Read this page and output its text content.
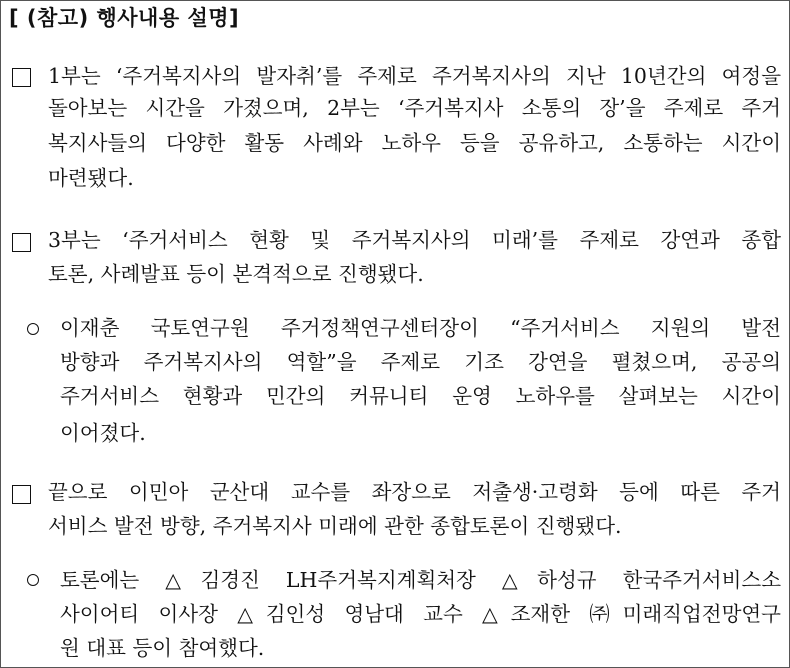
[ (참고) 행사내용 설명]
1부는 ‘주거복지사의 발자취’를 주제로 주거복지사의 지난 10년간의 여정을
돌아보는 시간을 가졌으며, 2부는 ‘주거복지사 소통의 장’을 주제로 주거
복지사들의 다양한 활동 사례와 노하우 등을 공유하고, 소통하는 시간이
마련됐다.
3부는 ‘주거서비스 현황 및 주거복지사의 미래’를 주제로 강연과 종합
토론, 사례발표 등이 본격적으로 진행됐다.
이재춘 국토연구원 주거정책연구센터장이 “주거서비스 지원의 발전
방향과 주거복지사의 역할”을 주제로 기조 강연을 펼쳤으며, 공공의
주거서비스 현황과 민간의 커뮤니티 운영 노하우를 살펴보는 시간이
이어졌다.
끝으로 이민아 군산대 교수를 좌장으로 저출생·고령화 등에 따른 주거
서비스 발전 방향, 주거복지사 미래에 관한 종합토론이 진행됐다.
토론에는 △김경진 LH주거복지계획처장 △하성규 한국주거서비스소
사이어티 이사장 △김인성 영남대 교수 △조재한 ㈜미래직업전망연구
원 대표 등이 참여했다.
